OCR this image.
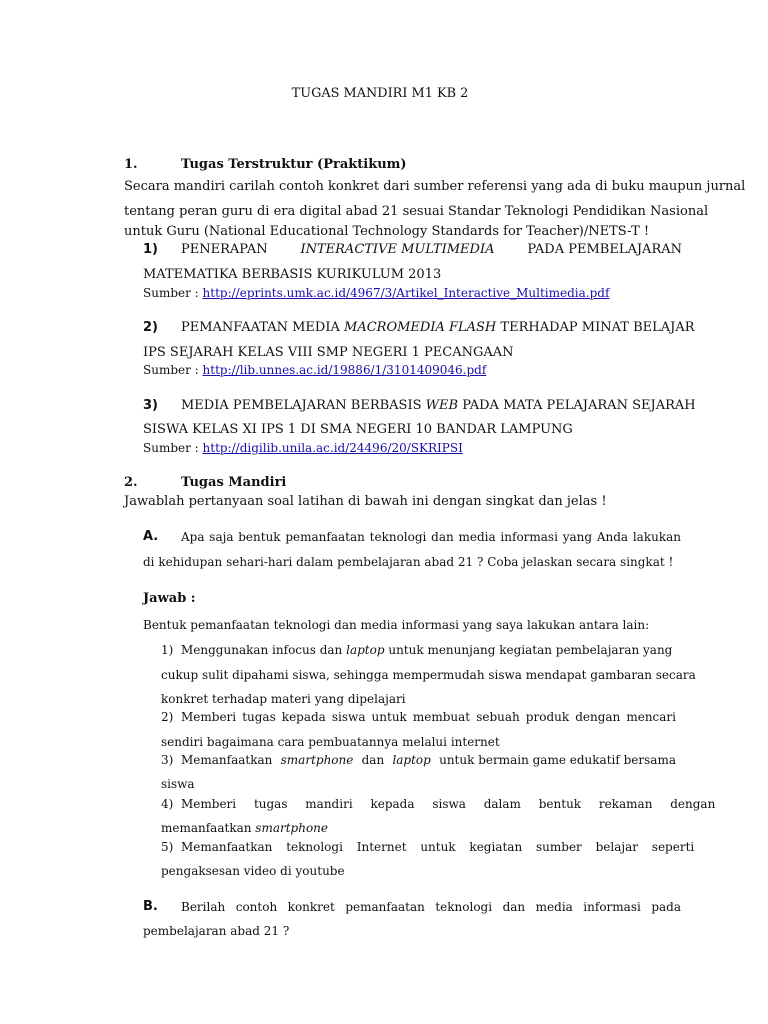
TUGAS MANDIRI M1 KB 2
1.	Tugas Terstruktur (Praktikum)
Secara mandiri carilah contoh konkret dari sumber referensi yang ada di buku maupun jurnal
tentang peran guru di era digital abad 21 sesuai Standar Teknologi Pendidikan Nasional
untuk Guru (National Educational Technology Standards for Teacher)/NETS-T !
1) PENERAPAN	INTERACTIVE MULTIMEDIA	PADA PEMBELAJARAN
MATEMATIKA BERBASIS KURIKULUM 2013
Sumber : http://eprints.umk.ac.id/4967/3/Artikel_Interactive_Multimedia.pdf
2) PEMANFAATAN MEDIA MACROMEDIA FLASH TERHADAP MINAT BELAJAR
IPS SEJARAH KELAS VIII SMP NEGERI 1 PECANGAAN
Sumber : http://lib.unnes.ac.id/19886/1/3101409046.pdf
3) MEDIA PEMBELAJARAN BERBASIS WEB PADA MATA PELAJARAN SEJARAH
SISWA KELAS XI IPS 1 DI SMA NEGERI 10 BANDAR LAMPUNG
Sumber : http://digilib.unila.ac.id/24496/20/SKRIPSI
2.	Tugas Mandiri
Jawablah pertanyaan soal latihan di bawah ini dengan singkat dan jelas !
A. Apa saja bentuk pemanfaatan teknologi dan media informasi yang Anda lakukan
di kehidupan sehari-hari dalam pembelajaran abad 21 ? Coba jelaskan secara singkat !
Jawab :
Bentuk pemanfaatan teknologi dan media informasi yang saya lakukan antara lain:
1) Menggunakan infocus dan laptop untuk menunjang kegiatan pembelajaran yang
cukup sulit dipahami siswa, sehingga mempermudah siswa mendapat gambaran secara
konkret terhadap materi yang dipelajari
2) Memberi tugas kepada siswa untuk membuat sebuah produk dengan mencari
sendiri bagaimana cara pembuatannya melalui internet
3) Memanfaatkan smartphone dan laptop untuk bermain game edukatif bersama
siswa
4) Memberi tugas mandiri kepada siswa dalam bentuk rekaman dengan
memanfaatkan smartphone
5) Memanfaatkan teknologi Internet untuk kegiatan sumber belajar seperti
pengaksesan video di youtube
B. Berilah contoh konkret pemanfaatan teknologi dan media informasi pada
pembelajaran abad 21 ?
